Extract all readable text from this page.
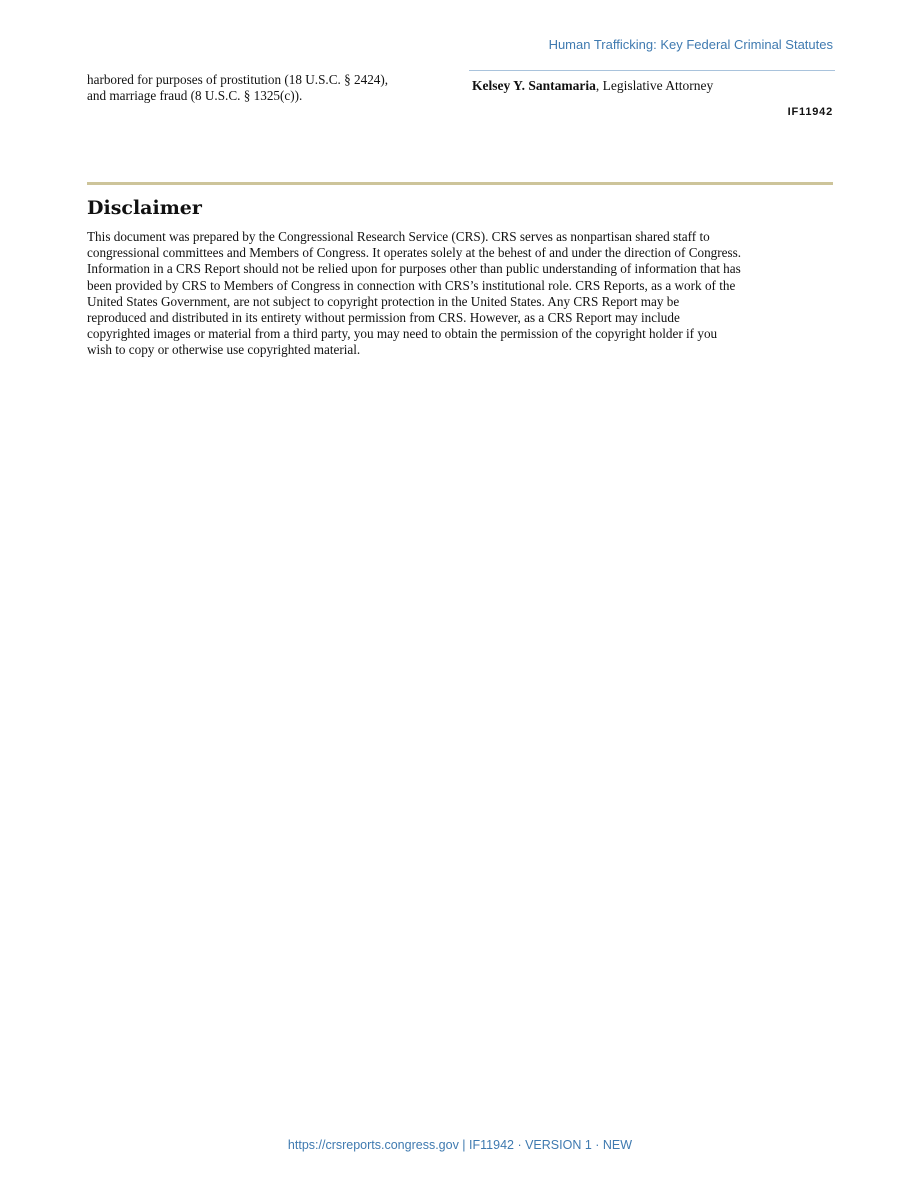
Human Trafficking: Key Federal Criminal Statutes
harbored for purposes of prostitution (18 U.S.C. § 2424),
and marriage fraud (8 U.S.C. § 1325(c)).
Kelsey Y. Santamaria, Legislative Attorney
IF11942
Disclaimer
This document was prepared by the Congressional Research Service (CRS). CRS serves as nonpartisan shared staff to
congressional committees and Members of Congress. It operates solely at the behest of and under the direction of Congress.
Information in a CRS Report should not be relied upon for purposes other than public understanding of information that has
been provided by CRS to Members of Congress in connection with CRS’s institutional role. CRS Reports, as a work of the
United States Government, are not subject to copyright protection in the United States. Any CRS Report may be
reproduced and distributed in its entirety without permission from CRS. However, as a CRS Report may include
copyrighted images or material from a third party, you may need to obtain the permission of the copyright holder if you
wish to copy or otherwise use copyrighted material.
https://crsreports.congress.gov | IF11942 · VERSION 1 · NEW
